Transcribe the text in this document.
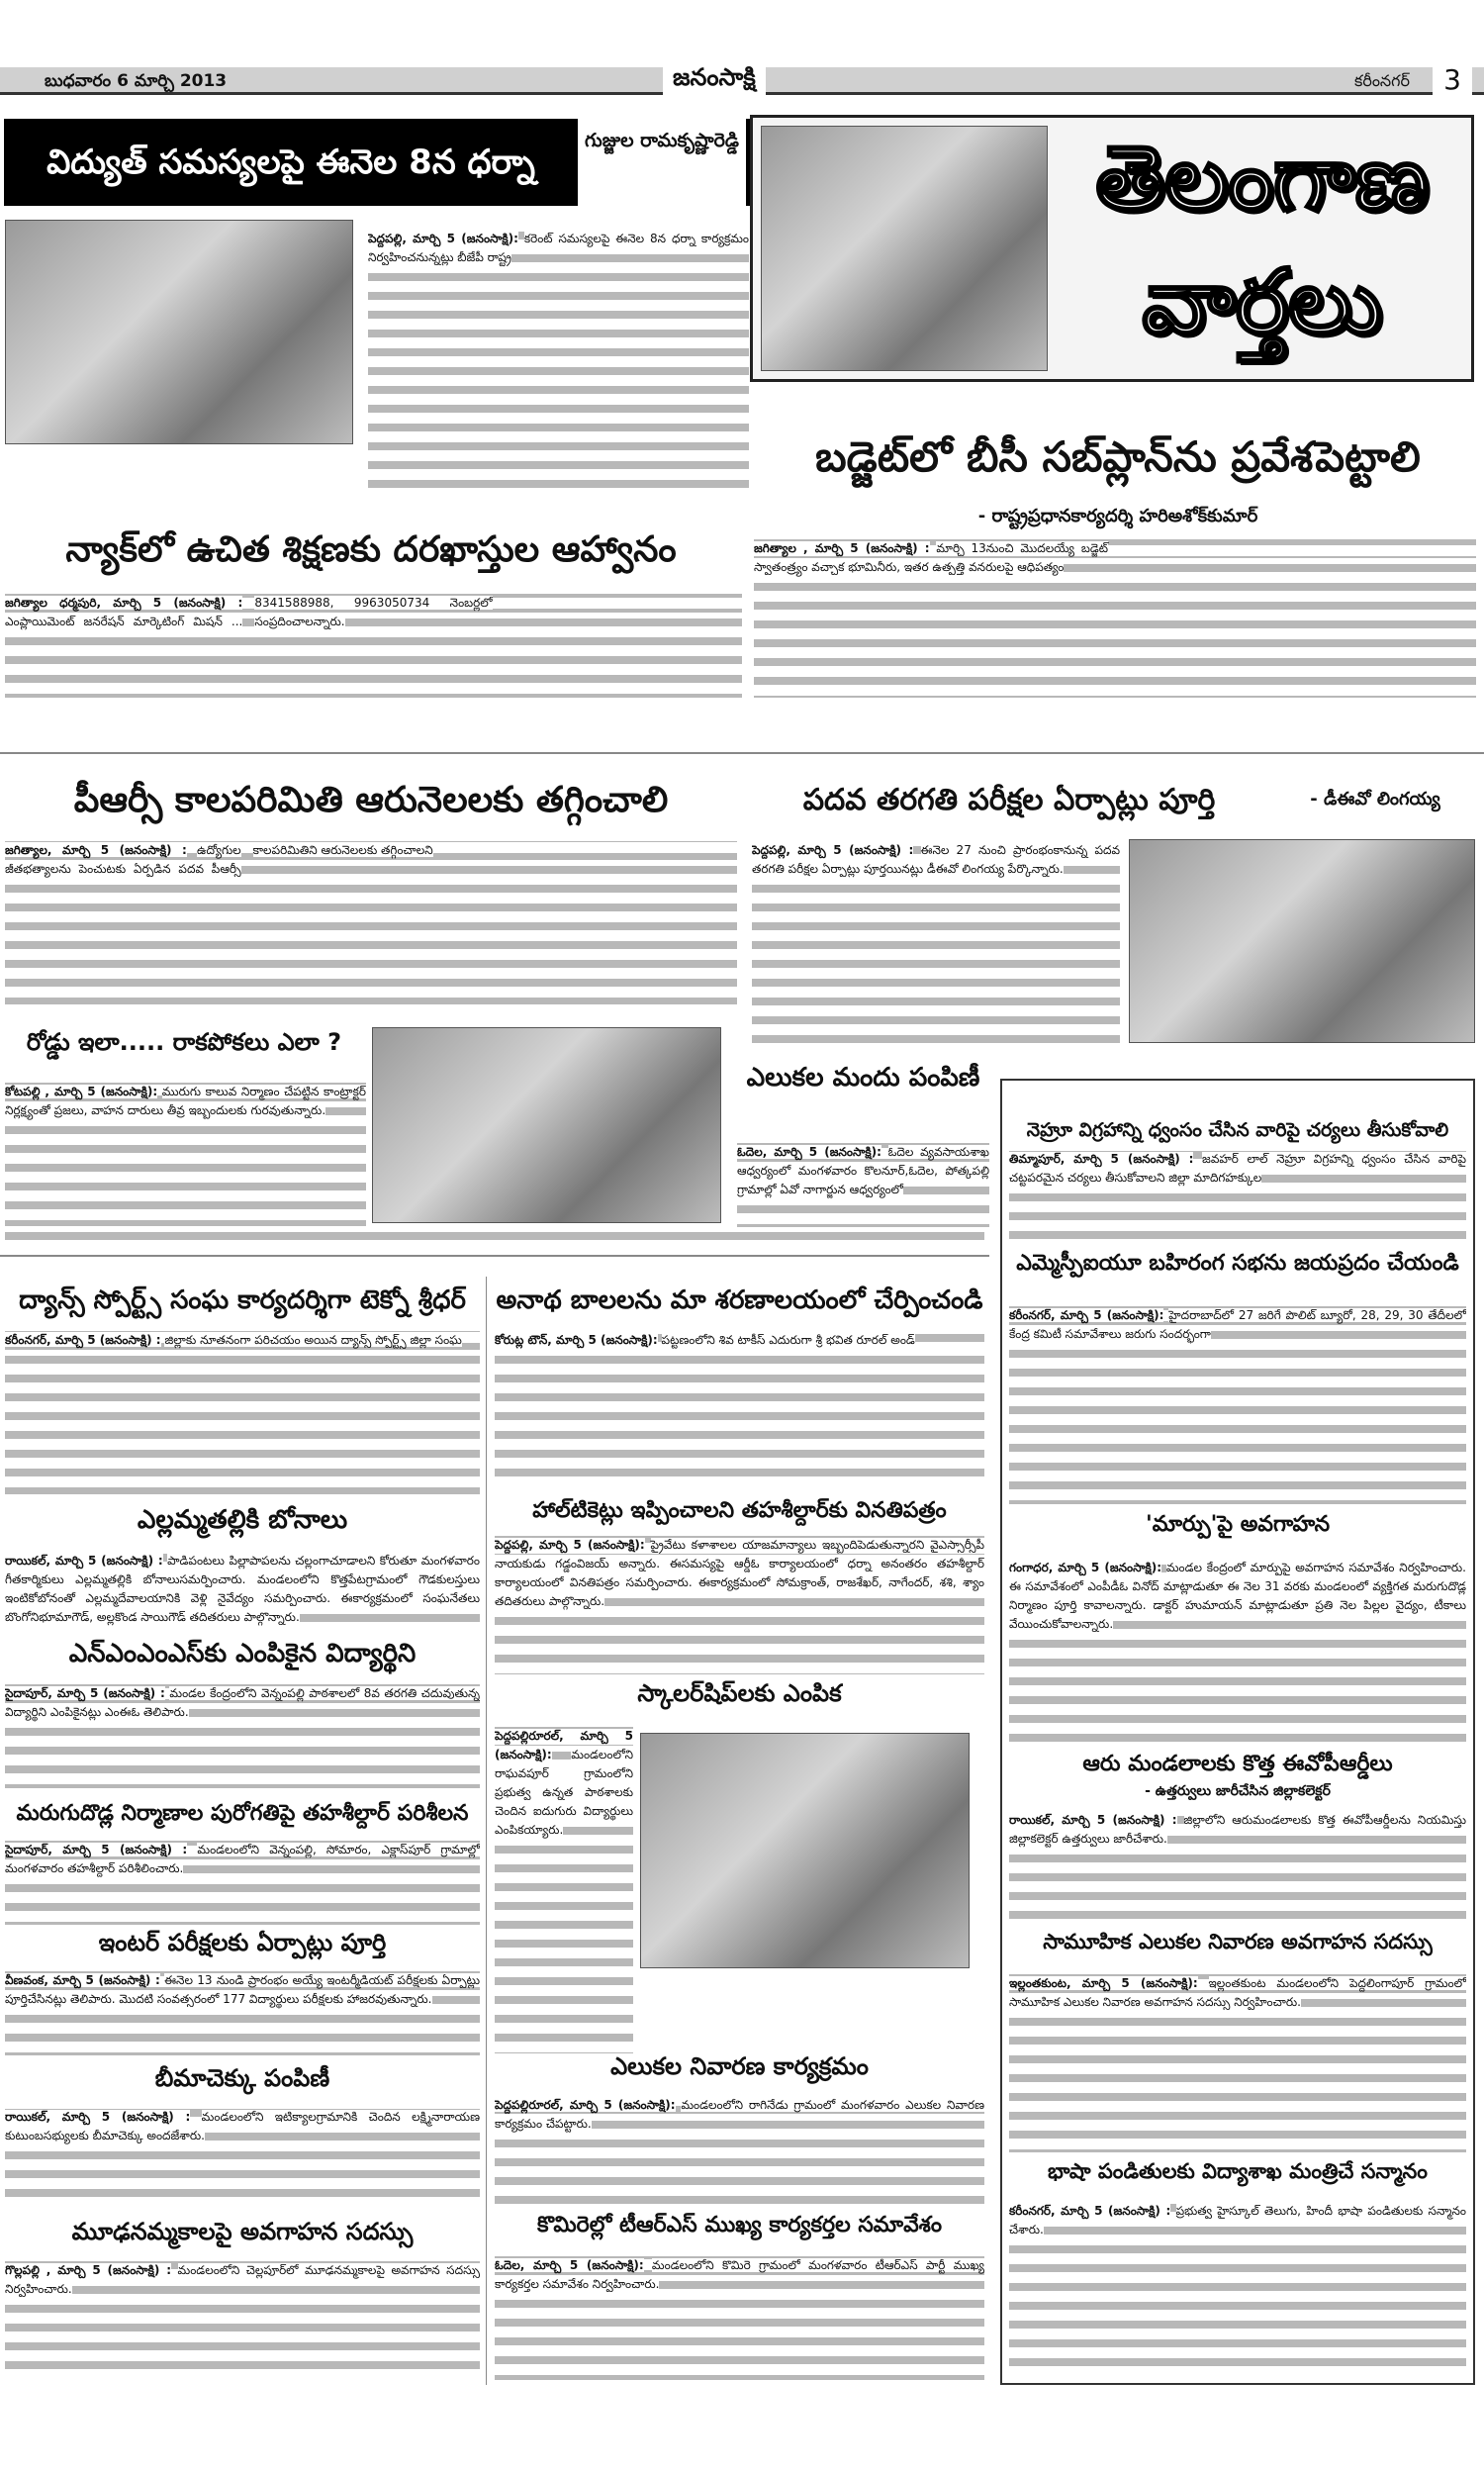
బుధవారం 6 మార్చి 2013	జనంసాక్షి	కరీంనగర్	3
విద్యుత్ సమస్యలపై ఈనెల 8న ధర్నా
గుజ్జుల రామకృష్ణారెడ్డి
పెద్దపల్లి, మార్చి 5 (జనంసాక్షి): కరెంట్ సమస్యలపై ఈనెల 8న ధర్నా కార్యక్రమం నిర్వహించనున్నట్లు బీజేపీ రాష్ట్ర
తెలంగాణ
వార్తలు
బడ్జెట్‌లో బీసీ సబ్‌ప్లాన్‌ను ప్రవేశపెట్టాలి
- రాష్ట్రప్రధానకార్యదర్శి హరిఅశోక్‌కుమార్
జగిత్యాల , మార్చి 5 (జనంసాక్షి) : మార్చి 13నుంచి మొదలయ్యే బడ్జెట్ స్వాతంత్ర్యం వచ్చాక భూమినీరు, ఇతర ఉత్పత్తి వనరులపై ఆధిపత్యం
న్యాక్‌లో ఉచిత శిక్షణకు దరఖాస్తుల ఆహ్వానం
జగిత్యాల ధర్మపురి, మార్చి 5 (జనంసాక్షి) : ఎంప్లాయిమెంట్ జనరేషన్ మార్కెటింగ్ మిషన్ ... 8341588988, 9963050734 నెంబర్లలో సంప్రదించాలన్నారు.
పీఆర్సీ కాలపరిమితి ఆరునెలలకు తగ్గించాలి
జగిత్యాల, మార్చి 5 (జనంసాక్షి) : ఉద్యోగుల జీతభత్యాలను పెంచుటకు ఏర్పడిన పదవ పీఆర్సీ కాలపరిమితిని ఆరునెలలకు తగ్గించాలని
పదవ తరగతి పరీక్షల ఏర్పాట్లు పూర్తి	- డీఈవో లింగయ్య
పెద్దపల్లి, మార్చి 5 (జనంసాక్షి) : ఈనెల 27 నుంచి ప్రారంభంకానున్న పదవ తరగతి పరీక్షల ఏర్పాట్లు పూర్తయినట్లు డీఈవో లింగయ్య పేర్కొన్నారు.
రోడ్డు ఇలా..... రాకపోకలు ఎలా ?
కోటపల్లి , మార్చి 5 (జనంసాక్షి): మురుగు కాలువ నిర్మాణం చేపట్టిన కాంట్రాక్టర్ నిర్లక్ష్యంతో ప్రజలు, వాహన దారులు తీవ్ర ఇబ్బందులకు గురవుతున్నారు.
ఎలుకల మందు పంపిణీ
ఓదెల, మార్చి 5 (జనంసాక్షి): ఓదెల వ్యవసాయశాఖ ఆధ్వర్యంలో మంగళవారం కొలనూర్,ఓదెల, పోత్కపల్లి గ్రామాల్లో ఏవో నాగార్జున ఆధ్వర్యంలో
ద్యాన్స్ స్పోర్ట్స్ సంఘ కార్యదర్శిగా టెక్నో శ్రీధర్
కరీంనగర్, మార్చి 5 (జనంసాక్షి) : జిల్లాకు నూతనంగా పరిచయం అయిన ద్యాన్స్ స్పోర్ట్స్ జిల్లా సంఘ
ఎల్లమ్మతల్లికి బోనాలు
రాయికల్, మార్చి 5 (జనంసాక్షి) : పాడిపంటలు పిల్లాపాపలను చల్లంగాచూడాలని కోరుతూ మంగళవారం గీతకార్మికులు ఎల్లమ్మతల్లికి బోనాలుసమర్పించారు. మండలంలోని కొత్తపేటగ్రామంలో గౌడకులస్తులు ఇంటికోబోనంతో ఎల్లమ్మదేవాలయానికి వెళ్లి నైవేద్యం సమర్పించారు. ఈకార్యక్రమంలో సంఘనేతలు బొంగోనిభూమాగౌడ్, అల్లకొండ సాయిగౌడ్ తదితరులు పాల్గొన్నారు.
ఎన్‌ఎంఎంఎస్‌కు ఎంపికైన విద్యార్థిని
సైదాపూర్, మార్చి 5 (జనంసాక్షి) : మండల కేంద్రంలోని వెన్నంపల్లి పాఠశాలలో 8వ తరగతి చదువుతున్న విద్యార్థిని ఎంపికైనట్లు ఎంఈఓ తెలిపారు.
మరుగుదొడ్ల నిర్మాణాల పురోగతిపై తహశీల్దార్ పరిశీలన
సైదాపూర్, మార్చి 5 (జనంసాక్షి) : మండలంలోని వెన్నంపల్లి, సోమారం, ఎక్లాస్‌పూర్ గ్రామాల్లో మంగళవారం తహశీల్దార్ పరిశీలించారు.
ఇంటర్ పరీక్షలకు ఏర్పాట్లు పూర్తి
వీణవంక, మార్చి 5 (జనంసాక్షి) : ఈనెల 13 నుండి ప్రారంభం అయ్యే ఇంటర్మీడియట్ పరీక్షలకు ఏర్పాట్లు పూర్తిచేసినట్లు తెలిపారు. మొదటి సంవత్సరంలో 177 విద్యార్థులు పరీక్షలకు హాజరవుతున్నారు.
బీమాచెక్కు పంపిణీ
రాయికల్, మార్చి 5 (జనంసాక్షి) : మండలంలోని ఇటిక్యాలగ్రామానికి చెందిన లక్ష్మినారాయణ కుటుంబసభ్యులకు బీమాచెక్కు అందజేశారు.
మూఢనమ్మకాలపై అవగాహన సదస్సు
గొల్లపల్లి , మార్చి 5 (జనంసాక్షి) : మండలంలోని చెల్లపూర్‌లో మూఢనమ్మకాలపై అవగాహన సదస్సు నిర్వహించారు.
అనాథ బాలలను మా శరణాలయంలో చేర్పించండి
కోరుట్ల టౌన్, మార్చి 5 (జనంసాక్షి): పట్టణంలోని శివ టాకీస్ ఎదురుగా శ్రీ భవిత రూరల్ అండ్
హాల్‌టికెట్లు ఇప్పించాలని తహశీల్దార్‌కు వినతిపత్రం
పెద్దపల్లి, మార్చి 5 (జనంసాక్షి): ప్రైవేటు కళాశాలల యాజమాన్యాలు ఇబ్బందిపెడుతున్నారని వైఎస్సార్సీపీ నాయకుడు గడ్డంవిజయ్ అన్నారు. ఈసమస్యపై ఆర్డీఓ కార్యాలయంలో ధర్నా అనంతరం తహశీల్దార్ కార్యాలయంలో వినతిపత్రం సమర్పించారు. ఈకార్యక్రమంలో సోమక్రాంత్, రాజశేఖర్, నాగేందర్, శశి, శ్యాం తదితరులు పాల్గొన్నారు.
స్కాలర్‌షిప్‌లకు ఎంపిక
పెద్దపల్లిరూరల్, మార్చి 5 (జనంసాక్షి): మండలంలోని రాఘవపూర్ గ్రామంలోని ప్రభుత్వ ఉన్నత పాఠశాలకు చెందిన ఐదుగురు విద్యార్థులు ఎంపికయ్యారు.
ఎలుకల నివారణ కార్యక్రమం
పెద్దపల్లిరూరల్, మార్చి 5 (జనంసాక్షి): మండలంలోని రాగినేడు గ్రామంలో మంగళవారం ఎలుకల నివారణ కార్యక్రమం చేపట్టారు.
కొమిరెల్లో టీఆర్‌ఎస్ ముఖ్య కార్యకర్తల సమావేశం
ఓదెల, మార్చి 5 (జనంసాక్షి): మండలంలోని కొమిరె గ్రామంలో మంగళవారం టీఆర్‌ఎస్ పార్టీ ముఖ్య కార్యకర్తల సమావేశం నిర్వహించారు.
నెహ్రూ విగ్రహాన్ని ధ్వంసం చేసిన వారిపై చర్యలు తీసుకోవాలి
తిమ్మాపూర్, మార్చి 5 (జనంసాక్షి) : జవహర్ లాల్ నెహ్రూ విగ్రహన్ని ధ్వంసం చేసిన వారిపై చట్టపరమైన చర్యలు తీసుకోవాలని జిల్లా మాదిగహక్కుల
ఎమ్మెస్పీఐయూ బహిరంగ సభను జయప్రదం చేయండి
కరీంనగర్, మార్చి 5 (జనంసాక్షి): హైదరాబాద్‌లో 27 జరిగే పొలిట్ బ్యూరో, 28, 29, 30 తేదీలలో కేంద్ర కమిటీ సమావేశాలు జరుగు సందర్భంగా
'మార్పు'పై అవగాహన
గంగాధర, మార్చి 5 (జనంసాక్షి): మండల కేంద్రంలో మార్పుపై అవగాహన సమావేశం నిర్వహించారు. ఈ సమావేశంలో ఎంపీడీఓ వినోద్ మాట్లాడుతూ ఈ నెల 31 వరకు మండలంలో వ్యక్తిగత మరుగుదొడ్ల నిర్మాణం పూర్తి కావాలన్నారు. డాక్టర్ హుమాయన్ మాట్లాడుతూ ప్రతి నెల పిల్లల వైద్యం, టీకాలు వేయించుకోవాలన్నారు.
ఆరు మండలాలకు కొత్త ఈవోపీఆర్డీలు
- ఉత్తర్వులు జారీచేసిన జిల్లాకలెక్టర్
రాయికల్, మార్చి 5 (జనంసాక్షి) : జిల్లాలోని ఆరుమండలాలకు కొత్త ఈవోపీఆర్డీలను నియమిస్తు జిల్లాకలెక్టర్ ఉత్తర్వులు జారీచేశారు.
సామూహిక ఎలుకల నివారణ అవగాహన సదస్సు
ఇల్లంతకుంట, మార్చి 5 (జనంసాక్షి): ఇల్లంతకుంట మండలంలోని పెద్దలింగాపూర్ గ్రామంలో సామూహిక ఎలుకల నివారణ అవగాహన సదస్సు నిర్వహించారు.
భాషా పండితులకు విద్యాశాఖ మంత్రిచే సన్మానం
కరీంనగర్, మార్చి 5 (జనంసాక్షి) : ప్రభుత్వ హైస్కూల్ తెలుగు, హిందీ భాషా పండితులకు సన్మానం చేశారు.
